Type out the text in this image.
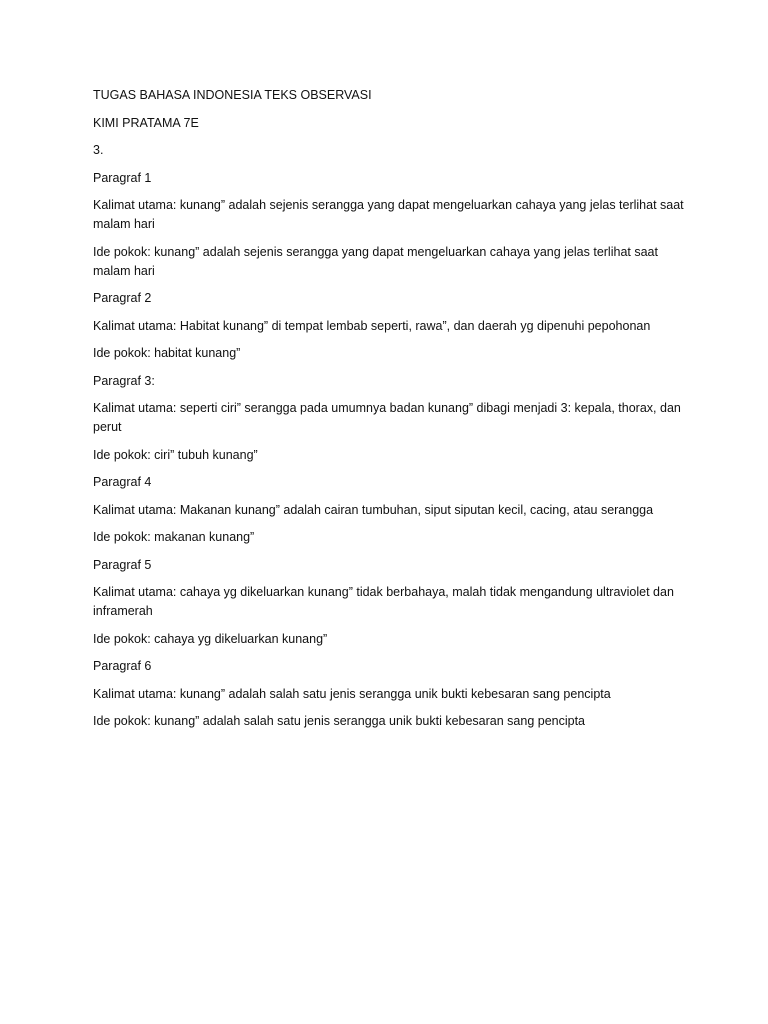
TUGAS BAHASA INDONESIA TEKS OBSERVASI

KIMI PRATAMA 7E

3.

Paragraf 1

Kalimat utama: kunang” adalah sejenis serangga yang dapat mengeluarkan cahaya yang jelas terlihat saat malam hari

Ide pokok: kunang” adalah sejenis serangga yang dapat mengeluarkan cahaya yang jelas terlihat saat malam hari

Paragraf 2

Kalimat utama: Habitat kunang” di tempat lembab seperti, rawa”, dan daerah yg dipenuhi pepohonan

Ide pokok: habitat kunang”

Paragraf 3:

Kalimat utama: seperti ciri” serangga pada umumnya badan kunang” dibagi menjadi 3: kepala, thorax, dan perut

Ide pokok: ciri” tubuh kunang”

Paragraf 4

Kalimat utama: Makanan kunang” adalah cairan tumbuhan, siput siputan kecil, cacing, atau serangga

Ide pokok: makanan kunang”

Paragraf 5

Kalimat utama: cahaya yg dikeluarkan kunang” tidak berbahaya, malah tidak mengandung ultraviolet dan inframerah

Ide pokok: cahaya yg dikeluarkan kunang”

Paragraf 6

Kalimat utama: kunang” adalah salah satu jenis serangga unik bukti kebesaran sang pencipta

Ide pokok: kunang” adalah salah satu jenis serangga unik bukti kebesaran sang pencipta
